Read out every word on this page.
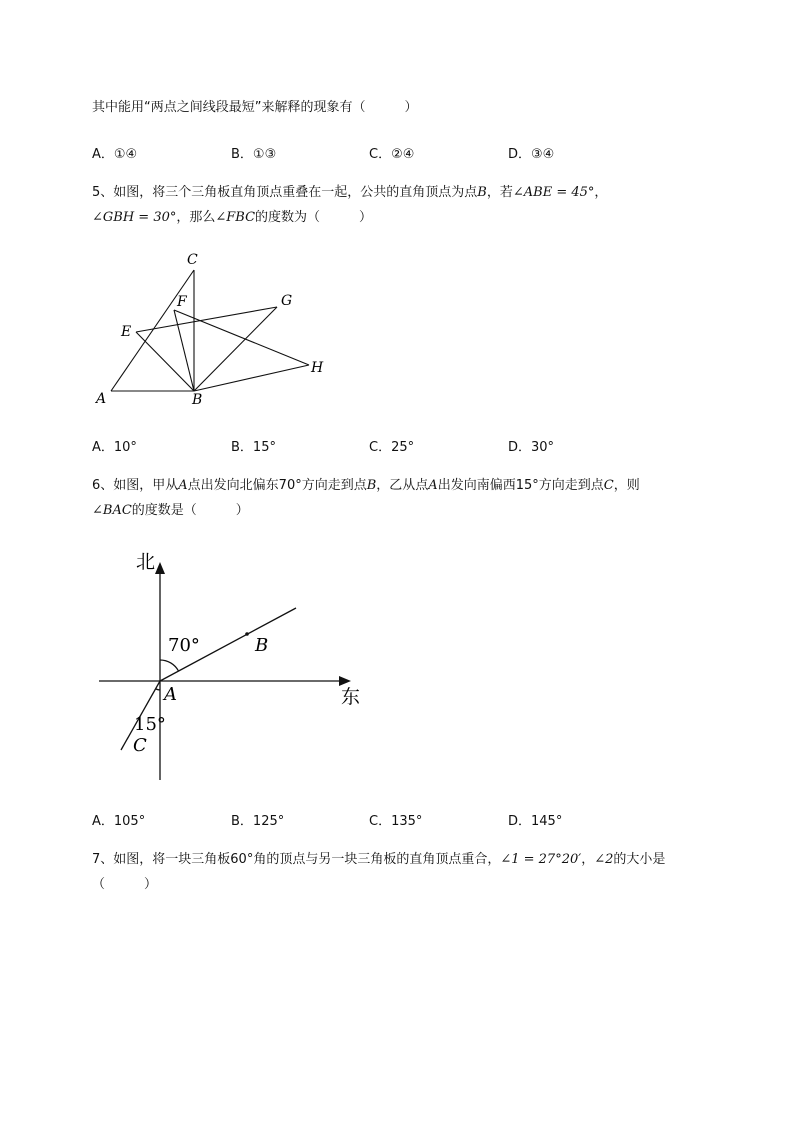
其中能用“两点之间线段最短”来解释的现象有（　　　）
A．①④	B．①③	C．②④	D．③④
5、如图，将三个三角板直角顶点重叠在一起，公共的直角顶点为点B，若∠ABE = 45°，
∠GBH = 30°，那么∠FBC的度数为（　　　）
A	B
C
E
F	G
H
A．10°	B．15°	C．25°	D．30°
6、如图，甲从A点出发向北偏东70°方向走到点B，乙从点A出发向南偏西15°方向走到点C，则
∠BAC的度数是（　　　）
北
东
70°
15°
A
B
C
A．105°	B．125°	C．135°	D．145°
7、如图，将一块三角板60°角的顶点与另一块三角板的直角顶点重合，∠1 = 27°20′，∠2的大小是
（　　　）
